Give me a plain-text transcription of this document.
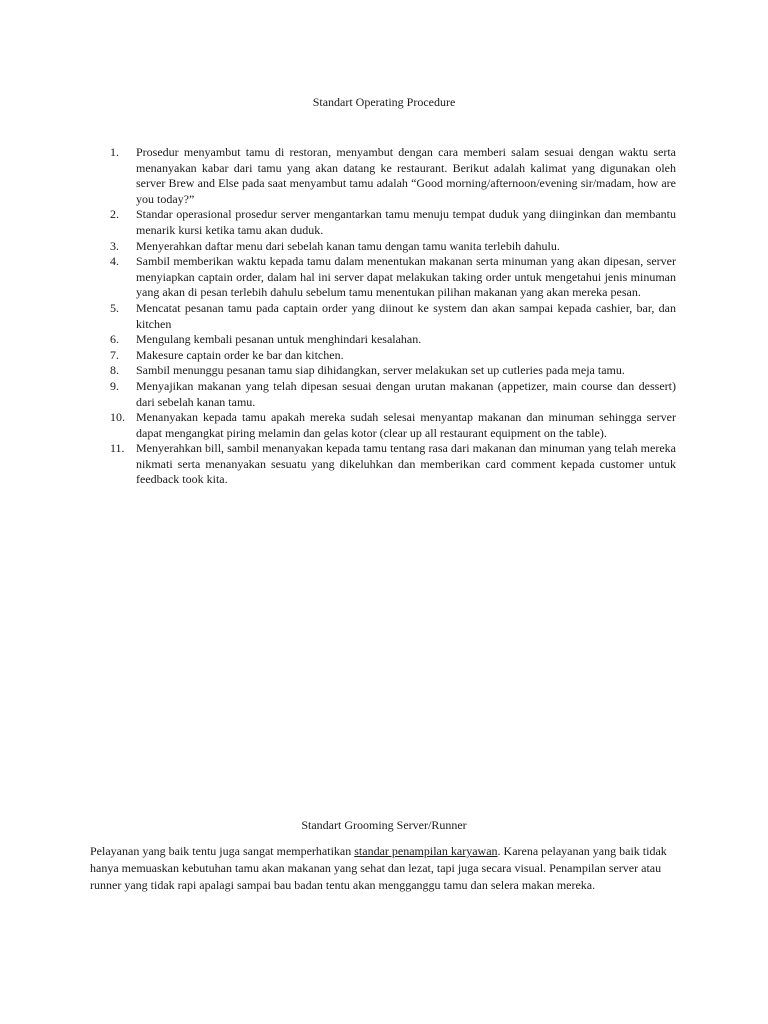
Standart Operating Procedure
1.	Prosedur menyambut tamu di restoran, menyambut dengan cara memberi salam sesuai dengan waktu serta menanyakan kabar dari tamu yang akan datang ke restaurant. Berikut adalah kalimat yang digunakan oleh server Brew and Else pada saat menyambut tamu adalah “Good morning/afternoon/evening sir/madam, how are you today?”
2.	Standar operasional prosedur server mengantarkan tamu menuju tempat duduk yang diinginkan dan membantu menarik kursi ketika tamu akan duduk.
3.	Menyerahkan daftar menu dari sebelah kanan tamu dengan tamu wanita terlebih dahulu.
4.	Sambil memberikan waktu kepada tamu dalam menentukan makanan serta minuman yang akan dipesan, server menyiapkan captain order, dalam hal ini server dapat melakukan taking order untuk mengetahui jenis minuman yang akan di pesan terlebih dahulu sebelum tamu menentukan pilihan makanan yang akan mereka pesan.
5.	Mencatat pesanan tamu pada captain order yang diinout ke system dan akan sampai kepada cashier, bar, dan kitchen
6.	Mengulang kembali pesanan untuk menghindari kesalahan.
7.	Makesure captain order ke bar dan kitchen.
8.	Sambil menunggu pesanan tamu siap dihidangkan, server melakukan set up cutleries pada meja tamu.
9.	Menyajikan makanan yang telah dipesan sesuai dengan urutan makanan (appetizer, main course dan dessert) dari sebelah kanan tamu.
10. Menanyakan kepada tamu apakah mereka sudah selesai menyantap makanan dan minuman sehingga server dapat mengangkat piring melamin dan gelas kotor (clear up all restaurant equipment on the table).
11. Menyerahkan bill, sambil menanyakan kepada tamu tentang rasa dari makanan dan minuman yang telah mereka nikmati serta menanyakan sesuatu yang dikeluhkan dan memberikan card comment kepada customer untuk feedback took kita.
Standart Grooming Server/Runner

Pelayanan yang baik tentu juga sangat memperhatikan standar penampilan karyawan. Karena pelayanan yang baik tidak hanya memuaskan kebutuhan tamu akan makanan yang sehat dan lezat, tapi juga secara visual. Penampilan server atau runner yang tidak rapi apalagi sampai bau badan tentu akan mengganggu tamu dan selera makan mereka.
